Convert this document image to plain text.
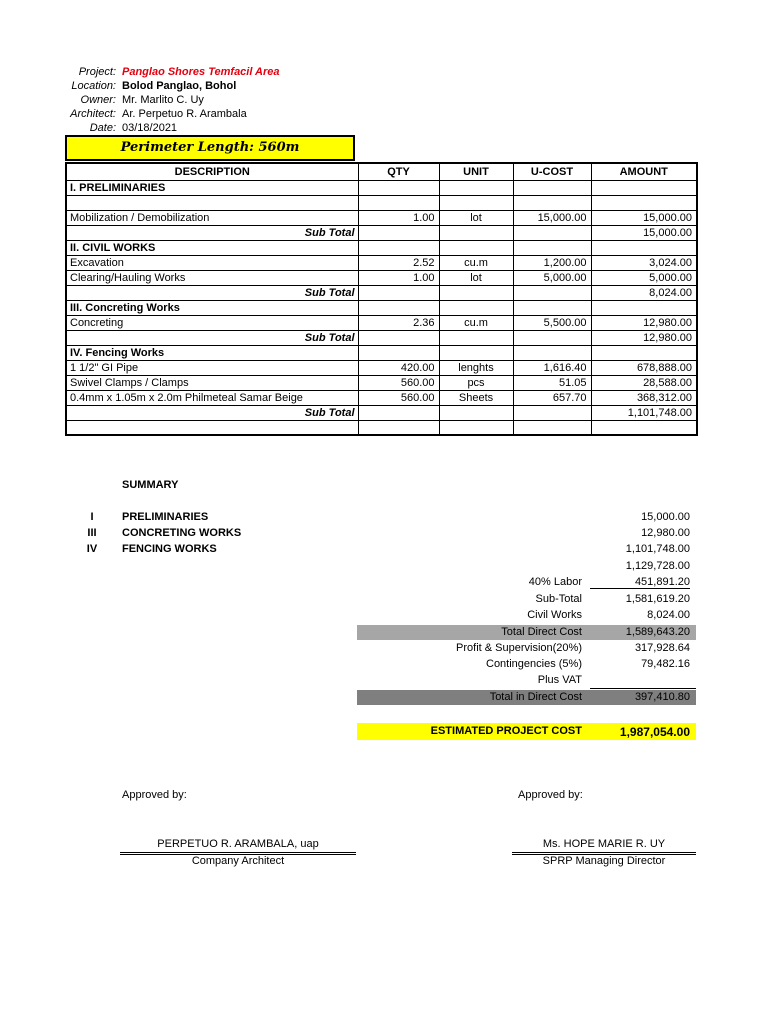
Project: Panglao Shores Temfacil Area
Location: Bolod Panglao, Bohol
Owner: Mr. Marlito C. Uy
Architect: Ar. Perpetuo R. Arambala
Date: 03/18/2021
Perimeter Length: 560m
DESCRIPTION	QTY	UNIT	U-COST	AMOUNT
I. PRELIMINARIES				

Mobilization / Demobilization	1.00	lot	15,000.00	15,000.00
Sub Total				15,000.00
II. CIVIL WORKS				
Excavation	2.52	cu.m	1,200.00	3,024.00
Clearing/Hauling Works	1.00	lot	5,000.00	5,000.00
Sub Total				8,024.00
III. Concreting Works				
Concreting	2.36	cu.m	5,500.00	12,980.00
Sub Total				12,980.00
IV. Fencing Works				
1 1/2" GI Pipe	420.00	lenghts	1,616.40	678,888.00
Swivel Clamps / Clamps	560.00	pcs	51.05	28,588.00
0.4mm x 1.05m x 2.0m Philmeteal Samar Beige	560.00	Sheets	657.70	368,312.00
Sub Total				1,101,748.00

SUMMARY
I	PRELIMINARIES	15,000.00
III	CONCRETING WORKS	12,980.00
IV	FENCING WORKS	1,101,748.00
1,129,728.00
40% Labor	451,891.20
Sub-Total	1,581,619.20
Civil Works	8,024.00
Total Direct Cost	1,589,643.20
Profit & Supervision(20%)	317,928.64
Contingencies (5%)	79,482.16
Plus VAT
Total in Direct Cost	397,410.80
ESTIMATED PROJECT COST	1,987,054.00
Approved by:	Approved by:
PERPETUO R. ARAMBALA, uap
Company Architect
Ms. HOPE MARIE R. UY
SPRP Managing Director
